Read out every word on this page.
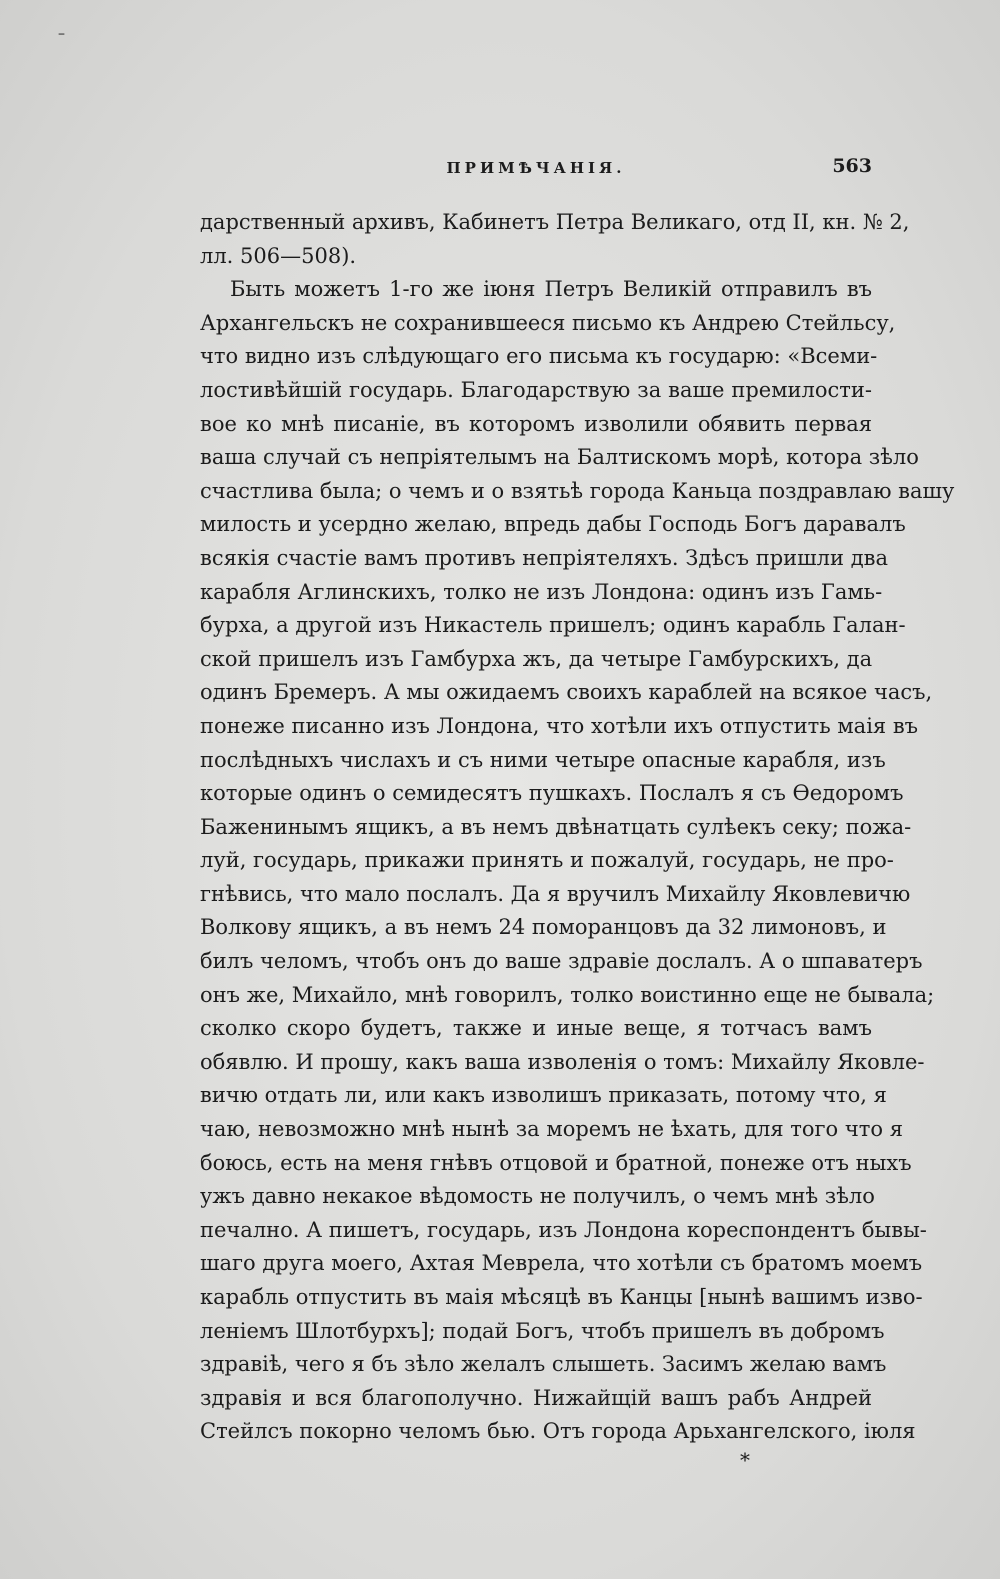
–
ПРИМѢЧАНІЯ.	563
дарственный архивъ, Кабинетъ Петра Великаго, отд II, кн. № 2,
лл. 506—508).
Быть можетъ 1-го же іюня Петръ Великій отправилъ въ
Архангельскъ не сохранившееся письмо къ Андрею Стейльсу,
что видно изъ слѣдующаго его письма къ государю: «Всеми-
лостивѣйшій государь. Благодарствую за ваше премилости-
вое ко мнѣ писаніе, въ которомъ изволили обявить первая
ваша случай съ непріятелымъ на Балтискомъ морѣ, котора зѣло
счастлива была; о чемъ и о взятьѣ города Каньца поздравлаю вашу
милость и усердно желаю, впредь дабы Господь Богъ даравалъ
всякія счастіе вамъ противъ непріятеляхъ. Здѣсъ пришли два
карабля Аглинскихъ, толко не изъ Лондона: одинъ изъ Гамь-
бурха, а другой изъ Никастель пришелъ; одинъ карабль Галан-
ской пришелъ изъ Гамбурха жъ, да четыре Гамбурскихъ, да
одинъ Бремеръ. А мы ожидаемъ своихъ караблей на всякое часъ,
понеже писанно изъ Лондона, что хотѣли ихъ отпустить маія въ
послѣдныхъ числахъ и съ ними четыре опасные карабля, изъ
которые одинъ о семидесятъ пушкахъ. Послалъ я съ Өедоромъ
Баженинымъ ящикъ, а въ немъ двѣнатцать сулѣекъ секу; пожа-
луй, государь, прикажи принять и пожалуй, государь, не про-
гнѣвись, что мало послалъ. Да я вручилъ Михайлу Яковлевичю
Волкову ящикъ, а въ немъ 24 поморанцовъ да 32 лимоновъ, и
билъ челомъ, чтобъ онъ до ваше здравіе дослалъ. А о шпаватеръ
онъ же, Михайло, мнѣ говорилъ, толко воистинно еще не бывала;
сколко скоро будетъ, также и иные веще, я тотчасъ вамъ
обявлю. И прошу, какъ ваша изволенія о томъ: Михайлу Яковле-
вичю отдать ли, или какъ изволишъ приказать, потому что, я
чаю, невозможно мнѣ нынѣ за моремъ не ѣхать, для того что я
боюсь, есть на меня гнѣвъ отцовой и братной, понеже отъ ныхъ
ужъ давно некакое вѣдомость не получилъ, о чемъ мнѣ зѣло
печално. А пишетъ, государь, изъ Лондона кореспондентъ бывы-
шаго друга моего, Ахтая Меврела, что хотѣли съ братомъ моемъ
карабль отпустить въ маія мѣсяцѣ въ Канцы [нынѣ вашимъ изво-
леніемъ Шлотбурхъ]; подай Богъ, чтобъ пришелъ въ добромъ
здравіѣ, чего я бъ зѣло желалъ слышеть. Засимъ желаю вамъ
здравія и вся благополучно. Нижайщій вашъ рабъ Андрей
Стейлсъ покорно челомъ бью. Отъ города Арьхангелского, іюля
*
